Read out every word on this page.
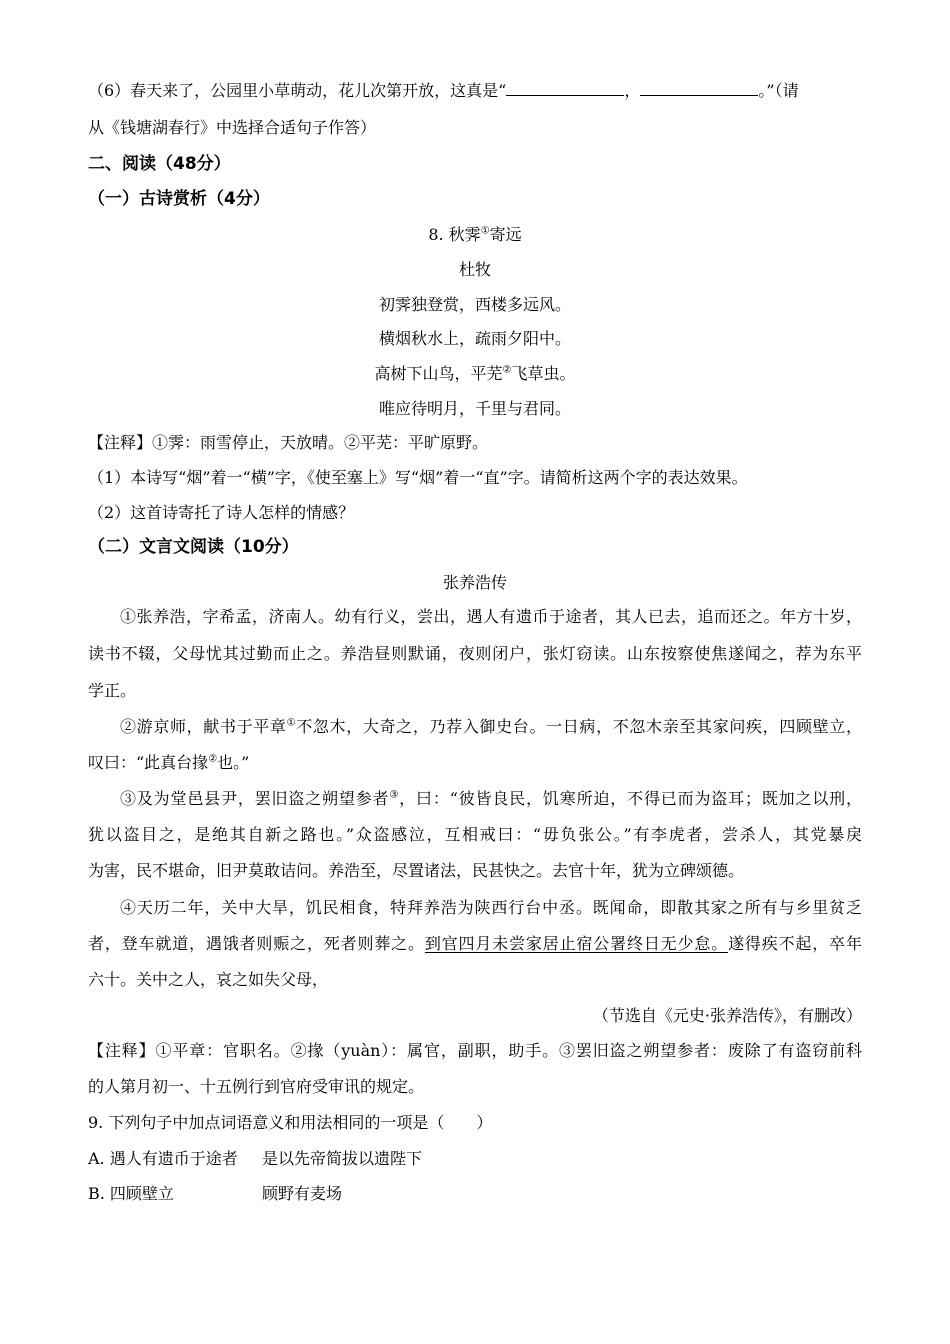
（6）春天来了，公园里小草萌动，花儿次第开放，这真是“	，	。”（请
从《钱塘湖春行》中选择合适句子作答）
二、阅读（48分）
（一）古诗赏析（4分）
8. 秋霁①寄远
杜牧
初霁独登赏，西楼多远风。
横烟秋水上，疏雨夕阳中。
高树下山鸟，平芜②飞草虫。
唯应待明月，千里与君同。
【注释】①霁：雨雪停止，天放晴。②平芜：平旷原野。
（1）本诗写“烟”着一“横”字，《使至塞上》写“烟”着一“直”字。请简析这两个字的表达效果。
（2）这首诗寄托了诗人怎样的情感？
（二）文言文阅读（10分）
张养浩传
①张养浩，字希孟，济南人。幼有行义，尝出，遇人有遗币于途者，其人已去，追而还之。年方十岁，
读书不辍，父母忧其过勤而止之。养浩昼则默诵，夜则闭户，张灯窃读。山东按察使焦遂闻之，荐为东平
学正。
②游京师，献书于平章①不忽木，大奇之，乃荐入御史台。一日病，不忽木亲至其家问疾，四顾壁立，
叹曰：“此真台掾②也。”
③及为堂邑县尹，罢旧盗之朔望参者③，曰：“彼皆良民，饥寒所迫，不得已而为盗耳；既加之以刑，
犹以盗目之，是绝其自新之路也。”众盗感泣，互相戒曰：“毋负张公。”有李虎者，尝杀人，其党暴戾
为害，民不堪命，旧尹莫敢诘问。养浩至，尽置诸法，民甚快之。去官十年，犹为立碑颂德。
④天历二年，关中大旱，饥民相食，特拜养浩为陕西行台中丞。既闻命，即散其家之所有与乡里贫乏
者，登车就道，遇饿者则赈之，死者则葬之。到官四月未尝家居止宿公署终日无少怠。遂得疾不起，卒年
六十。关中之人，哀之如失父母，
（节选自《元史·张养浩传》，有删改）
【注释】①平章：官职名。②掾（yuàn）：属官，副职，助手。③罢旧盗之朔望参者：废除了有盗窃前科
的人第月初一、十五例行到官府受审讯的规定。
9. 下列句子中加点词语意义和用法相同的一项是（　　）
A. 遇人有遗币于途者 是以先帝简拔以遗陛下
B. 四顾壁立	顾野有麦场
